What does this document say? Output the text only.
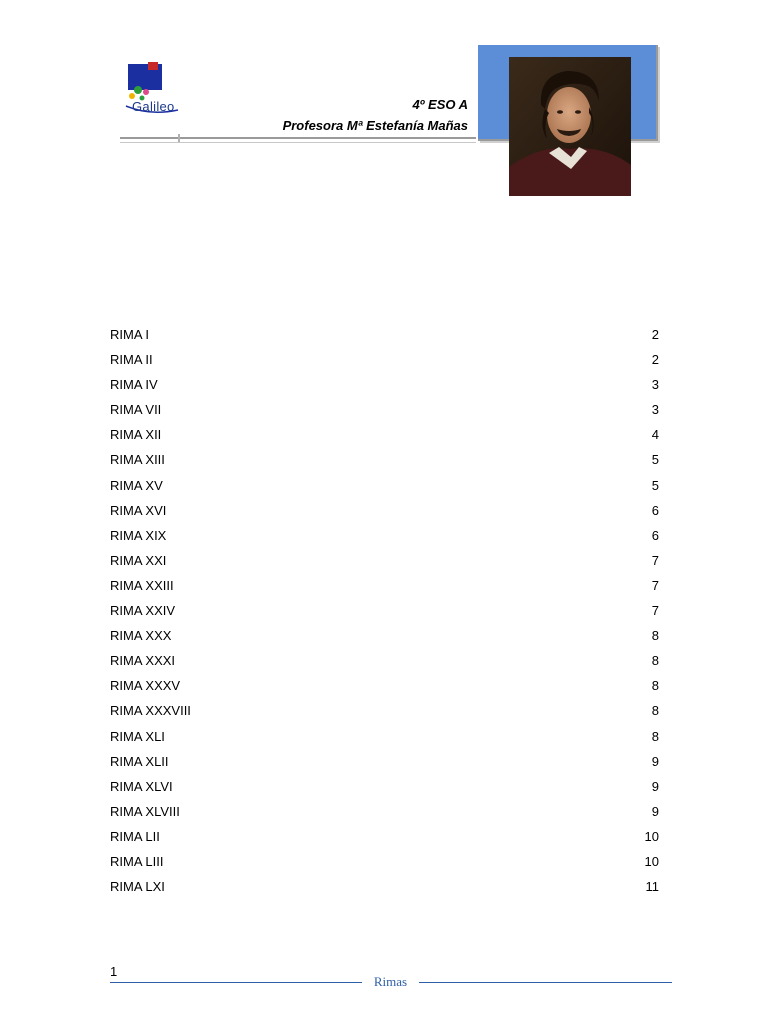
Galileo	4º ESO A
Profesora Mª Estefanía Mañas
RIMA I	2
RIMA II	2
RIMA IV	3
RIMA VII	3
RIMA XII	4
RIMA XIII	5
RIMA XV	5
RIMA XVI	6
RIMA XIX	6
RIMA XXI	7
RIMA XXIII	7
RIMA XXIV	7
RIMA XXX	8
RIMA XXXI	8
RIMA XXXV	8
RIMA XXXVIII	8
RIMA XLI	8
RIMA XLII	9
RIMA XLVI	9
RIMA XLVIII	9
RIMA LII	10
RIMA LIII	10
RIMA LXI	11
1
Rimas
